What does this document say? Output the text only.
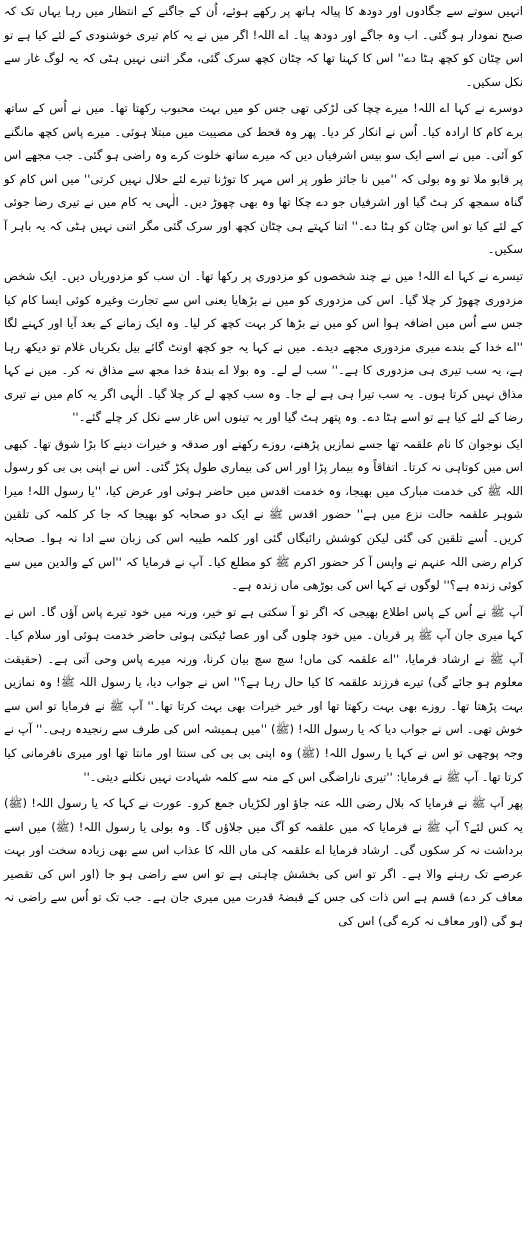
انہیں سوتے سے جگادوں اور دودھ کا پیالہ ہاتھ پر رکھے ہوئے، اُن کے جاگنے کے انتظار میں رہا یہاں تک کہ صبح نمودار ہو گئی۔ اب وہ جاگے اور دودھ پیا۔ اے اللہ! اگر میں نے یہ کام تیری خوشنودی کے لئے کیا ہے تو اس چٹان کو کچھ ہٹا دے'' اس کا کہنا تھا کہ چٹان کچھ سرک گئی، مگر اتنی نہیں ہٹی کہ یہ لوگ غار سے نکل سکیں۔

دوسرے نے کہا اے اللہ! میرے چچا کی لڑکی تھی جس کو میں بہت محبوب رکھتا تھا۔ میں نے اُس کے ساتھ برے کام کا ارادہ کیا۔ اُس نے انکار کر دیا۔ پھر وہ قحط کی مصیبت میں مبتلا ہوئی۔ میرے پاس کچھ مانگنے کو آئی۔ میں نے اسے ایک سو بیس اشرفیاں دیں کہ میرے ساتھ خلوت کرے وہ راضی ہو گئی۔ جب مجھے اس پر قابو ملا تو وہ بولی کہ ''میں نا جائز طور پر اس مہر کا توڑنا تیرے لئے حلال نہیں کرتی'' میں اس کام کو گناہ سمجھ کر ہٹ گیا اور اشرفیاں جو دے چکا تھا وہ بھی چھوڑ دیں۔ الٰہی یہ کام میں نے تیری رضا جوئی کے لئے کیا تو اس چٹان کو ہٹا دے۔'' اتنا کہتے ہی چٹان کچھ اور سرک گئی مگر اتنی نہیں ہٹی کہ یہ باہر آ سکیں۔

تیسرے نے کہا اے اللہ! میں نے چند شخصوں کو مزدوری پر رکھا تھا۔ ان سب کو مزدوریاں دیں۔ ایک شخص مزدوری چھوڑ کر چلا گیا۔ اس کی مزدوری کو میں نے بڑھایا یعنی اس سے تجارت وغیرہ کوئی ایسا کام کیا جس سے اُس میں اضافہ ہوا اس کو میں نے بڑھا کر بہت کچھ کر لیا۔ وہ ایک زمانے کے بعد آیا اور کہنے لگا ''اے خدا کے بندے میری مزدوری مجھے دیدے۔ میں نے کہا یہ جو کچھ اونٹ گائے بیل بکریاں غلام تو دیکھ رہا ہے، یہ سب تیری ہی مزدوری کا ہے۔'' سب لے لے۔ وہ بولا اے بندۂ خدا مجھ سے مذاق نہ کر۔ میں نے کہا مذاق نہیں کرتا ہوں۔ یہ سب تیرا ہی ہے لے جا۔ وہ سب کچھ لے کر چلا گیا۔ الٰہی اگر یہ کام میں نے تیری رضا کے لئے کیا ہے تو اسے ہٹا دے۔ وہ پتھر ہٹ گیا اور یہ تینوں اس غار سے نکل کر چلے گئے۔''

ایک نوجوان کا نام علقمہ تھا جسے نمازیں پڑھنے، روزے رکھنے اور صدقہ و خیرات دینے کا بڑا شوق تھا۔ کبھی اس میں کوتاہی نہ کرتا۔ اتفاقاً وہ بیمار پڑا اور اس کی بیماری طول پکڑ گئی۔ اس نے اپنی بی بی کو رسول اللہ ﷺ کی خدمت مبارک میں بھیجا، وہ خدمت اقدس میں حاضر ہوئی اور عرض کیا، ''یا رسول اللہ! میرا شوہر علقمہ حالت نزع میں ہے'' حضور اقدس ﷺ نے ایک دو صحابہ کو بھیجا کہ جا کر کلمہ کی تلقین کریں۔ اُسے تلقین کی گئی لیکن کوشش رائیگاں گئی اور کلمہ طیبہ اس کی زبان سے ادا نہ ہوا۔ صحابہ کرام رضی اللہ عنہم نے واپس آ کر حضور اکرم ﷺ کو مطلع کیا۔ آپ نے فرمایا کہ ''اس کے والدین میں سے کوئی زندہ ہے؟'' لوگوں نے کہا اس کی بوڑھی ماں زندہ ہے۔

آپ ﷺ نے اُس کے پاس اطلاع بھیجی کہ اگر تو آ سکتی ہے تو خیر، ورنہ میں خود تیرے پاس آؤں گا۔ اس نے کہا میری جان آپ ﷺ پر قربان۔ میں خود چلوں گی اور عصا ٹیکتی ہوئی حاضر خدمت ہوئی اور سلام کیا۔ آپ ﷺ نے ارشاد فرمایا، ''اے علقمہ کی ماں! سچ سچ بیان کرنا، ورنہ میرے پاس وحی آتی ہے۔ (حقیقت معلوم ہو جائے گی) تیرے فرزند علقمہ کا کیا حال رہا ہے؟'' اس نے جواب دیا، یا رسول اللہ ﷺ! وہ نمازیں بہت پڑھتا تھا۔ روزے بھی بہت رکھتا تھا اور خیر خیرات بھی بہت کرتا تھا۔'' آپ ﷺ نے فرمایا تو اس سے خوش تھی۔ اس نے جواب دیا کہ یا رسول اللہ! (ﷺ) ''میں ہمیشہ اس کی طرف سے رنجیدہ رہی۔'' آپ نے وجہ پوچھی تو اس نے کہا یا رسول اللہ! (ﷺ) وہ اپنی بی بی کی سنتا اور مانتا تھا اور میری نافرمانی کیا کرتا تھا۔ آپ ﷺ نے فرمایا: ''تیری ناراضگی اس کے منہ سے کلمہ شہادت نہیں نکلنے دیتی۔''

پھر آپ ﷺ نے فرمایا کہ بلال رضی اللہ عنہ جاؤ اور لکڑیاں جمع کرو۔ عورت نے کہا کہ یا رسول اللہ! (ﷺ) یہ کس لئے؟ آپ ﷺ نے فرمایا کہ میں علقمہ کو آگ میں جلاؤں گا۔ وہ بولی یا رسول اللہ! (ﷺ) میں اسے برداشت نہ کر سکوں گی۔ ارشاد فرمایا اے علقمہ کی ماں اللہ کا عذاب اس سے بھی زیادہ سخت اور بہت عرصے تک رہنے والا ہے۔ اگر تو اس کی بخشش چاہتی ہے تو اس سے راضی ہو جا (اور اس کی تقصیر معاف کر دے) قسم ہے اس ذات کی جس کے قبضۂ قدرت میں میری جان ہے۔ جب تک تو اُس سے راضی نہ ہو گی (اور معاف نہ کرے گی) اس کی
